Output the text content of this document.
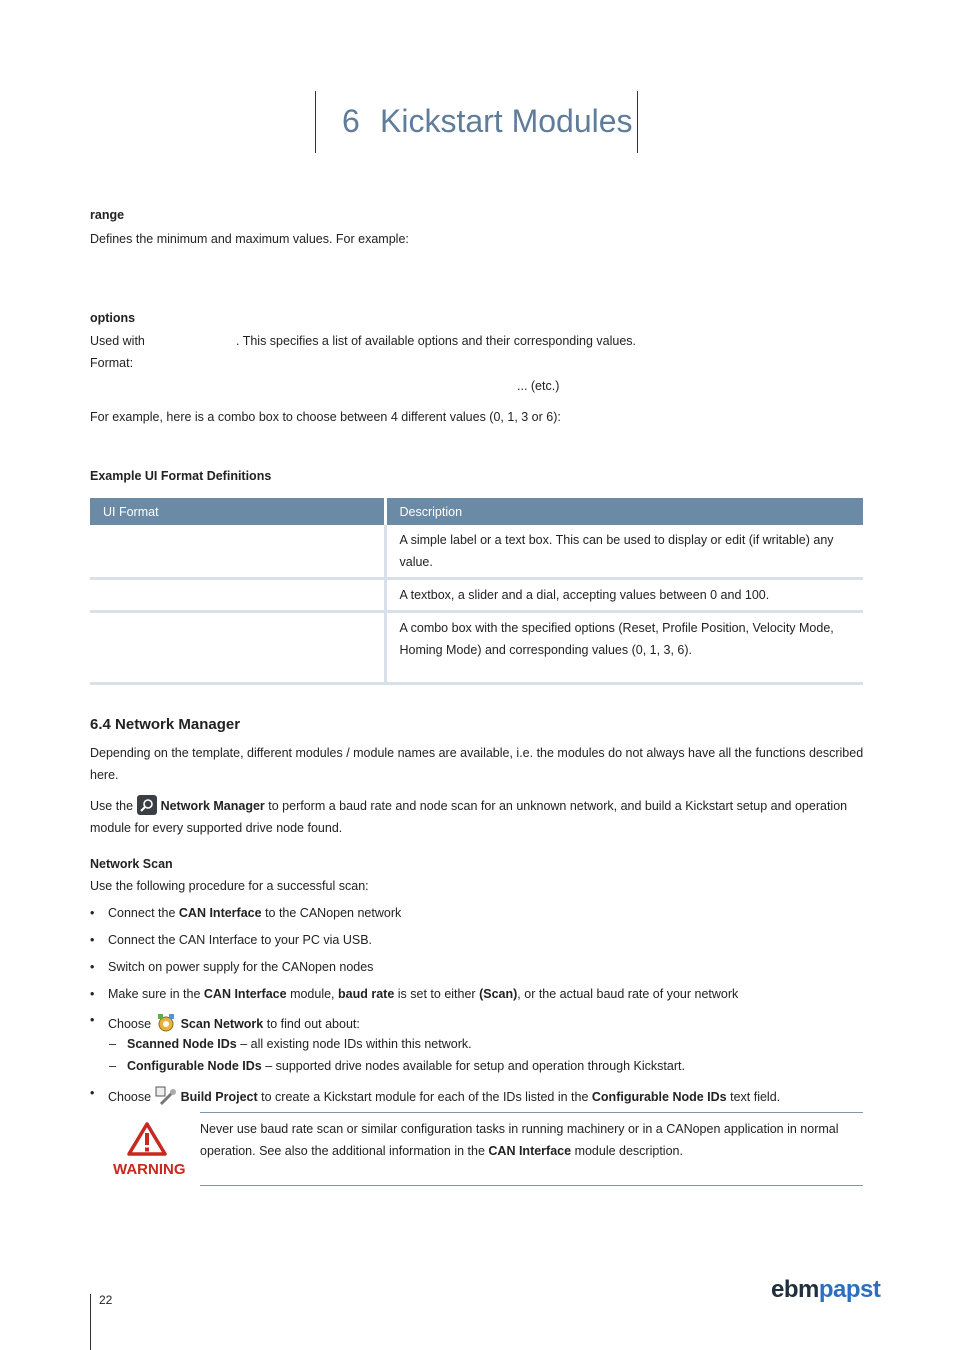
6 Kickstart Modules
range
Defines the minimum and maximum values. For example:
options
Used with	. This specifies a list of available options and their corresponding values.
Format:
... (etc.)
For example, here is a combo box to choose between 4 different values (0, 1, 3 or 6):
Example UI Format Definitions
UI Format	Description
	A simple label or a text box. This can be used to display or edit (if writable) any value.
	A textbox, a slider and a dial, accepting values between 0 and 100.
	A combo box with the specified options (Reset, Profile Position, Velocity Mode, Homing Mode) and corresponding values (0, 1, 3, 6).
6.4 Network Manager
Depending on the template, different modules / module names are available, i.e. the modules do not always have all the functions described here.
Use the Network Manager to perform a baud rate and node scan for an unknown network, and build a Kickstart setup and operation module for every supported drive node found.
Network Scan
Use the following procedure for a successful scan:
• Connect the CAN Interface to the CANopen network
• Connect the CAN Interface to your PC via USB.
• Switch on power supply for the CANopen nodes
• Make sure in the CAN Interface module, baud rate is set to either (Scan), or the actual baud rate of your network
• Choose Scan Network to find out about:
– Scanned Node IDs – all existing node IDs within this network.
– Configurable Node IDs – supported drive nodes available for setup and operation through Kickstart.
• Choose Build Project to create a Kickstart module for each of the IDs listed in the Configurable Node IDs text field.
WARNING
Never use baud rate scan or similar configuration tasks in running machinery or in a CANopen application in normal operation. See also the additional information in the CAN Interface module description.
22	ebmpapst
